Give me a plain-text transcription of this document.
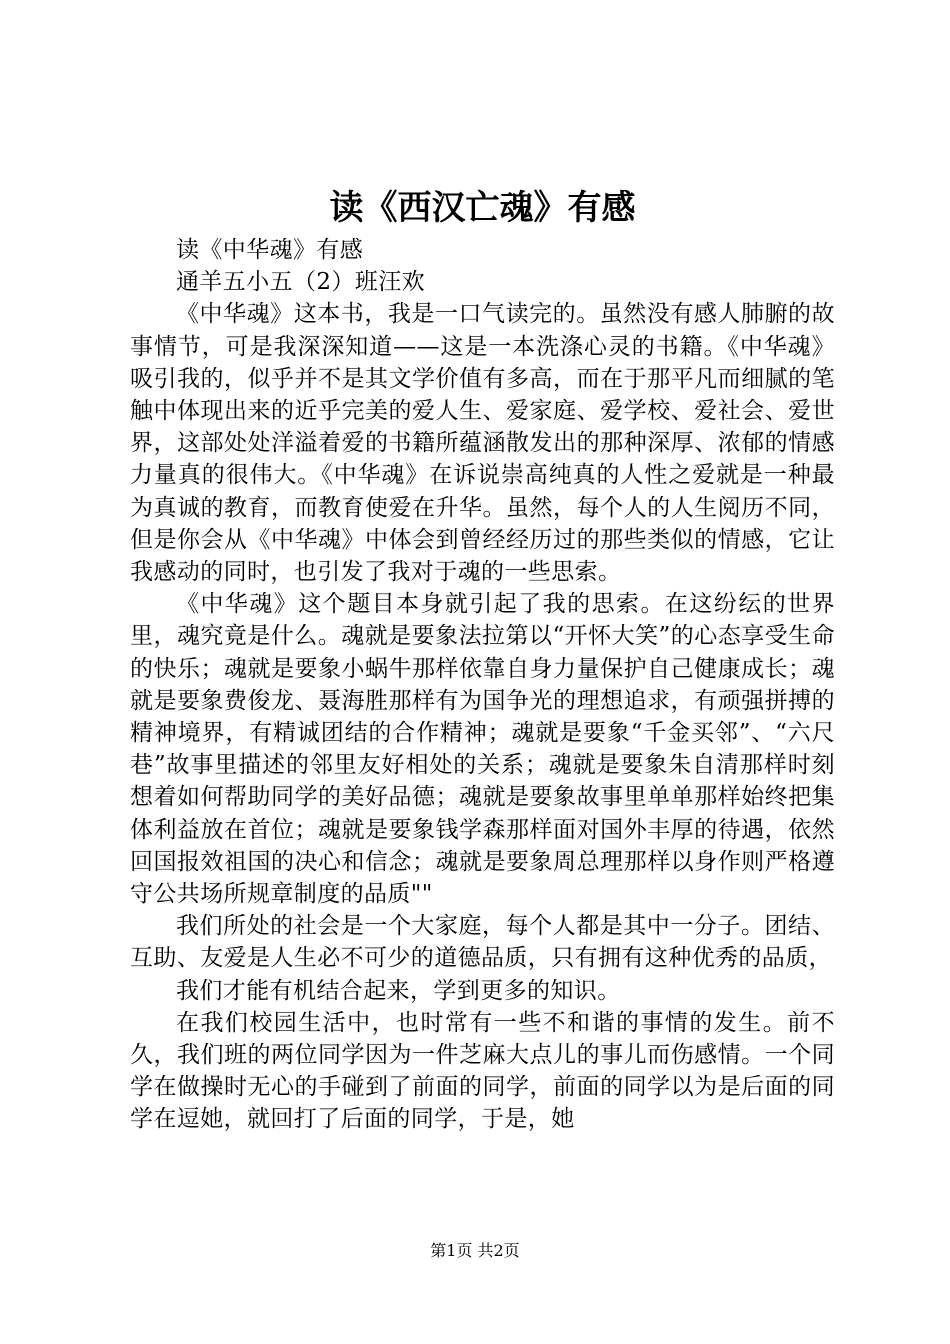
读《西汉亡魂》有感

读《中华魂》有感

通羊五小五（2）班汪欢

《中华魂》这本书，我是一口气读完的。虽然没有感人肺腑的故事情节，可是我深深知道——这是一本洗涤心灵的书籍。《中华魂》吸引我的，似乎并不是其文学价值有多高，而在于那平凡而细腻的笔触中体现出来的近乎完美的爱人生、爱家庭、爱学校、爱社会、爱世界，这部处处洋溢着爱的书籍所蕴涵散发出的那种深厚、浓郁的情感力量真的很伟大。《中华魂》在诉说崇高纯真的人性之爱就是一种最为真诚的教育，而教育使爱在升华。虽然，每个人的人生阅历不同，但是你会从《中华魂》中体会到曾经经历过的那些类似的情感，它让我感动的同时，也引发了我对于魂的一些思索。

《中华魂》这个题目本身就引起了我的思索。在这纷纭的世界里，魂究竟是什么。魂就是要象法拉第以“开怀大笑”的心态享受生命的快乐；魂就是要象小蜗牛那样依靠自身力量保护自己健康成长；魂就是要象费俊龙、聂海胜那样有为国争光的理想追求，有顽强拼搏的精神境界，有精诚团结的合作精神；魂就是要象“千金买邻”、“六尺巷”故事里描述的邻里友好相处的关系；魂就是要象朱自清那样时刻想着如何帮助同学的美好品德；魂就是要象故事里单单那样始终把集体利益放在首位；魂就是要象钱学森那样面对国外丰厚的待遇，依然回国报效祖国的决心和信念；魂就是要象周总理那样以身作则严格遵守公共场所规章制度的品质""

我们所处的社会是一个大家庭，每个人都是其中一分子。团结、互助、友爱是人生必不可少的道德品质，只有拥有这种优秀的品质，

我们才能有机结合起来，学到更多的知识。

在我们校园生活中，也时常有一些不和谐的事情的发生。前不久，我们班的两位同学因为一件芝麻大点儿的事儿而伤感情。一个同学在做操时无心的手碰到了前面的同学，前面的同学以为是后面的同学在逗她，就回打了后面的同学，于是，她

第1页 共2页
